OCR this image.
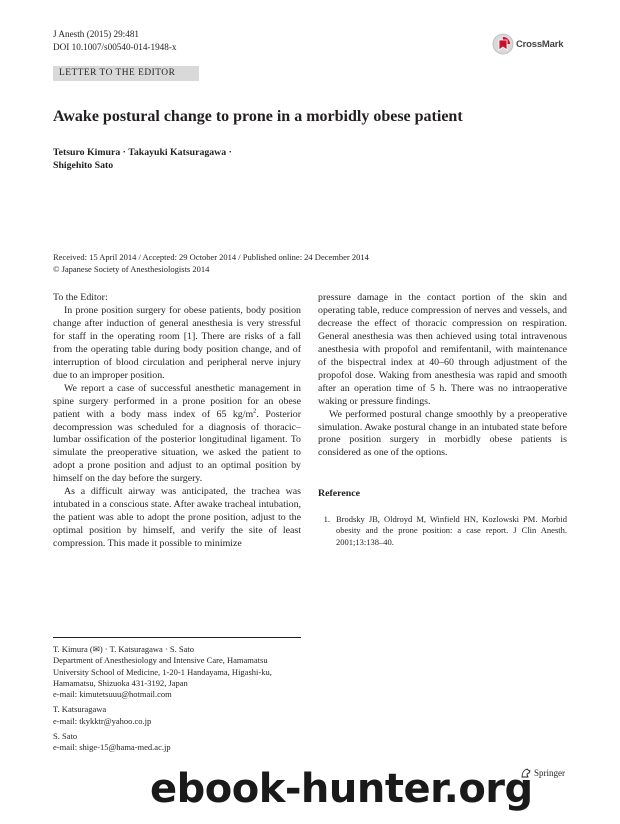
J Anesth (2015) 29:481
DOI 10.1007/s00540-014-1948-x	CrossMark
LETTER TO THE EDITOR
Awake postural change to prone in a morbidly obese patient
Tetsuro Kimura · Takayuki Katsuragawa ·
Shigehito Sato
Received: 15 April 2014 / Accepted: 29 October 2014 / Published online: 24 December 2014
© Japanese Society of Anesthesiologists 2014

To the Editor:

In prone position surgery for obese patients, body position change after induction of general anesthesia is very stressful for staff in the operating room [1]. There are risks of a fall from the operating table during body position change, and of interruption of blood circulation and peripheral nerve injury due to an improper position.

We report a case of successful anesthetic management in spine surgery performed in a prone position for an obese patient with a body mass index of 65 $kg/m^2$. Posterior decompression was scheduled for a diagnosis of thoracic–lumbar ossification of the posterior longitudinal ligament. To simulate the preoperative situation, we asked the patient to adopt a prone position and adjust to an optimal position by himself on the day before the surgery.

As a difficult airway was anticipated, the trachea was intubated in a conscious state. After awake tracheal intubation, the patient was able to adopt the prone position, adjust to the optimal position by himself, and verify the site of least compression. This made it possible to minimize

pressure damage in the contact portion of the skin and operating table, reduce compression of nerves and vessels, and decrease the effect of thoracic compression on respiration. General anesthesia was then achieved using total intravenous anesthesia with propofol and remifentanil, with maintenance of the bispectral index at 40–60 through adjustment of the propofol dose. Waking from anesthesia was rapid and smooth after an operation time of 5 h. There was no intraoperative waking or pressure findings.

We performed postural change smoothly by a preoperative simulation. Awake postural change in an intubated state before prone position surgery in morbidly obese patients is considered as one of the options.

Reference
1. Brodsky JB, Oldroyd M, Winfield HN, Kozlowski PM. Morbid obesity and the prone position: a case report. J Clin Anesth. 2001;13:138–40.
T. Kimura (✉) · T. Katsuragawa · S. Sato
Department of Anesthesiology and Intensive Care, Hamamatsu University School of Medicine, 1-20-1 Handayama, Higashi-ku, Hamamatsu, Shizuoka 431-3192, Japan
e-mail: kimutetsuuu@hotmail.com
T. Katsuragawa
e-mail: tkykktr@yahoo.co.jp
S. Sato
e-mail: shige-15@hama-med.ac.jp
ebook-hunter.org Springer
